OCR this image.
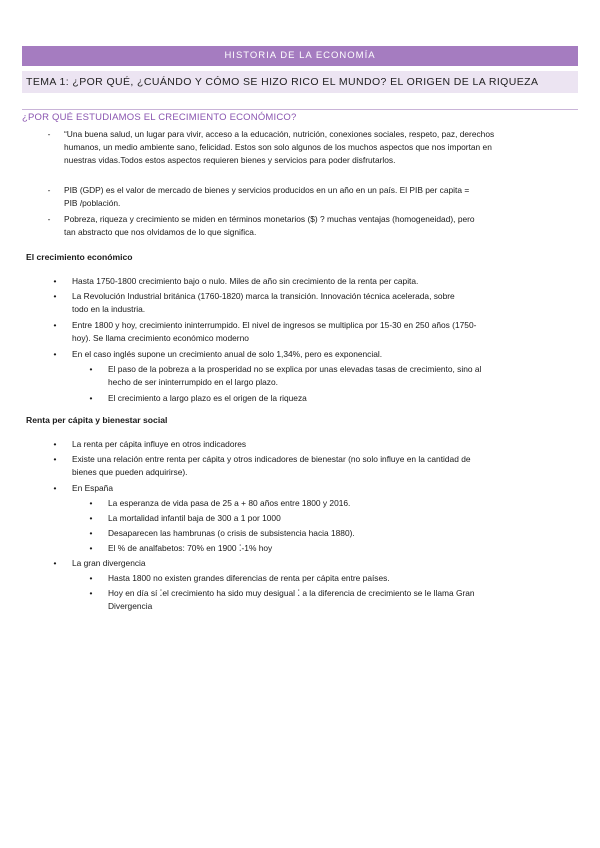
HISTORIA DE LA ECONOMÍA
TEMA 1: ¿POR QUÉ, ¿CUÁNDO Y CÓMO SE HIZO RICO EL MUNDO? EL ORIGEN DE LA RIQUEZA
¿POR QUÉ ESTUDIAMOS EL CRECIMIENTO ECONÓMICO?
-	“Una buena salud, un lugar para vivir, acceso a la educación, nutrición, conexiones sociales, respeto, paz, derechos
humanos, un medio ambiente sano, felicidad. Estos son solo algunos de los muchos aspectos que nos importan en
nuestras vidas.Todos estos aspectos requieren bienes y servicios para poder disfrutarlos.
-	PIB (GDP) es el valor de mercado de bienes y servicios producidos en un año en un país. El PIB per capita =
PIB /población.
-	Pobreza, riqueza y crecimiento se miden en términos monetarios ($) ? muchas ventajas (homogeneidad), pero
tan abstracto que nos olvidamos de lo que significa.
El crecimiento económico
•	Hasta 1750-1800 crecimiento bajo o nulo. Miles de año sin crecimiento de la renta per capita.
•	La Revolución Industrial británica (1760-1820) marca la transición. Innovación técnica acelerada, sobre
todo en la industria.
•	Entre 1800 y hoy, crecimiento ininterrumpido. El nivel de ingresos se multiplica por 15-30 en 250 años (1750-
hoy). Se llama crecimiento económico moderno
•	En el caso inglés supone un crecimiento anual de solo 1,34%, pero es exponencial.
•	El paso de la pobreza a la prosperidad no se explica por unas elevadas tasas de crecimiento, sino al
hecho de ser ininterrumpido en el largo plazo.
•	El crecimiento a largo plazo es el origen de la riqueza
Renta per cápita y bienestar social
•	La renta per cápita influye en otros indicadores
•	Existe una relación entre renta per cápita y otros indicadores de bienestar (no solo influye en la cantidad de
bienes que pueden adquirirse).
•	En España
•	La esperanza de vida pasa de 25 a + 80 años entre 1800 y 2016.
•	La mortalidad infantil baja de 300 a 1 por 1000
•	Desaparecen las hambrunas (o crisis de subsistencia hacia 1880).
•	El % de analfabetos: 70% en 1900 ⁚-1% hoy
•	La gran divergencia
•	Hasta 1800 no existen grandes diferencias de renta per cápita entre países.
•	Hoy en día sí ⁚el crecimiento ha sido muy desigual ⁚ a la diferencia de crecimiento se le llama Gran
Divergencia
